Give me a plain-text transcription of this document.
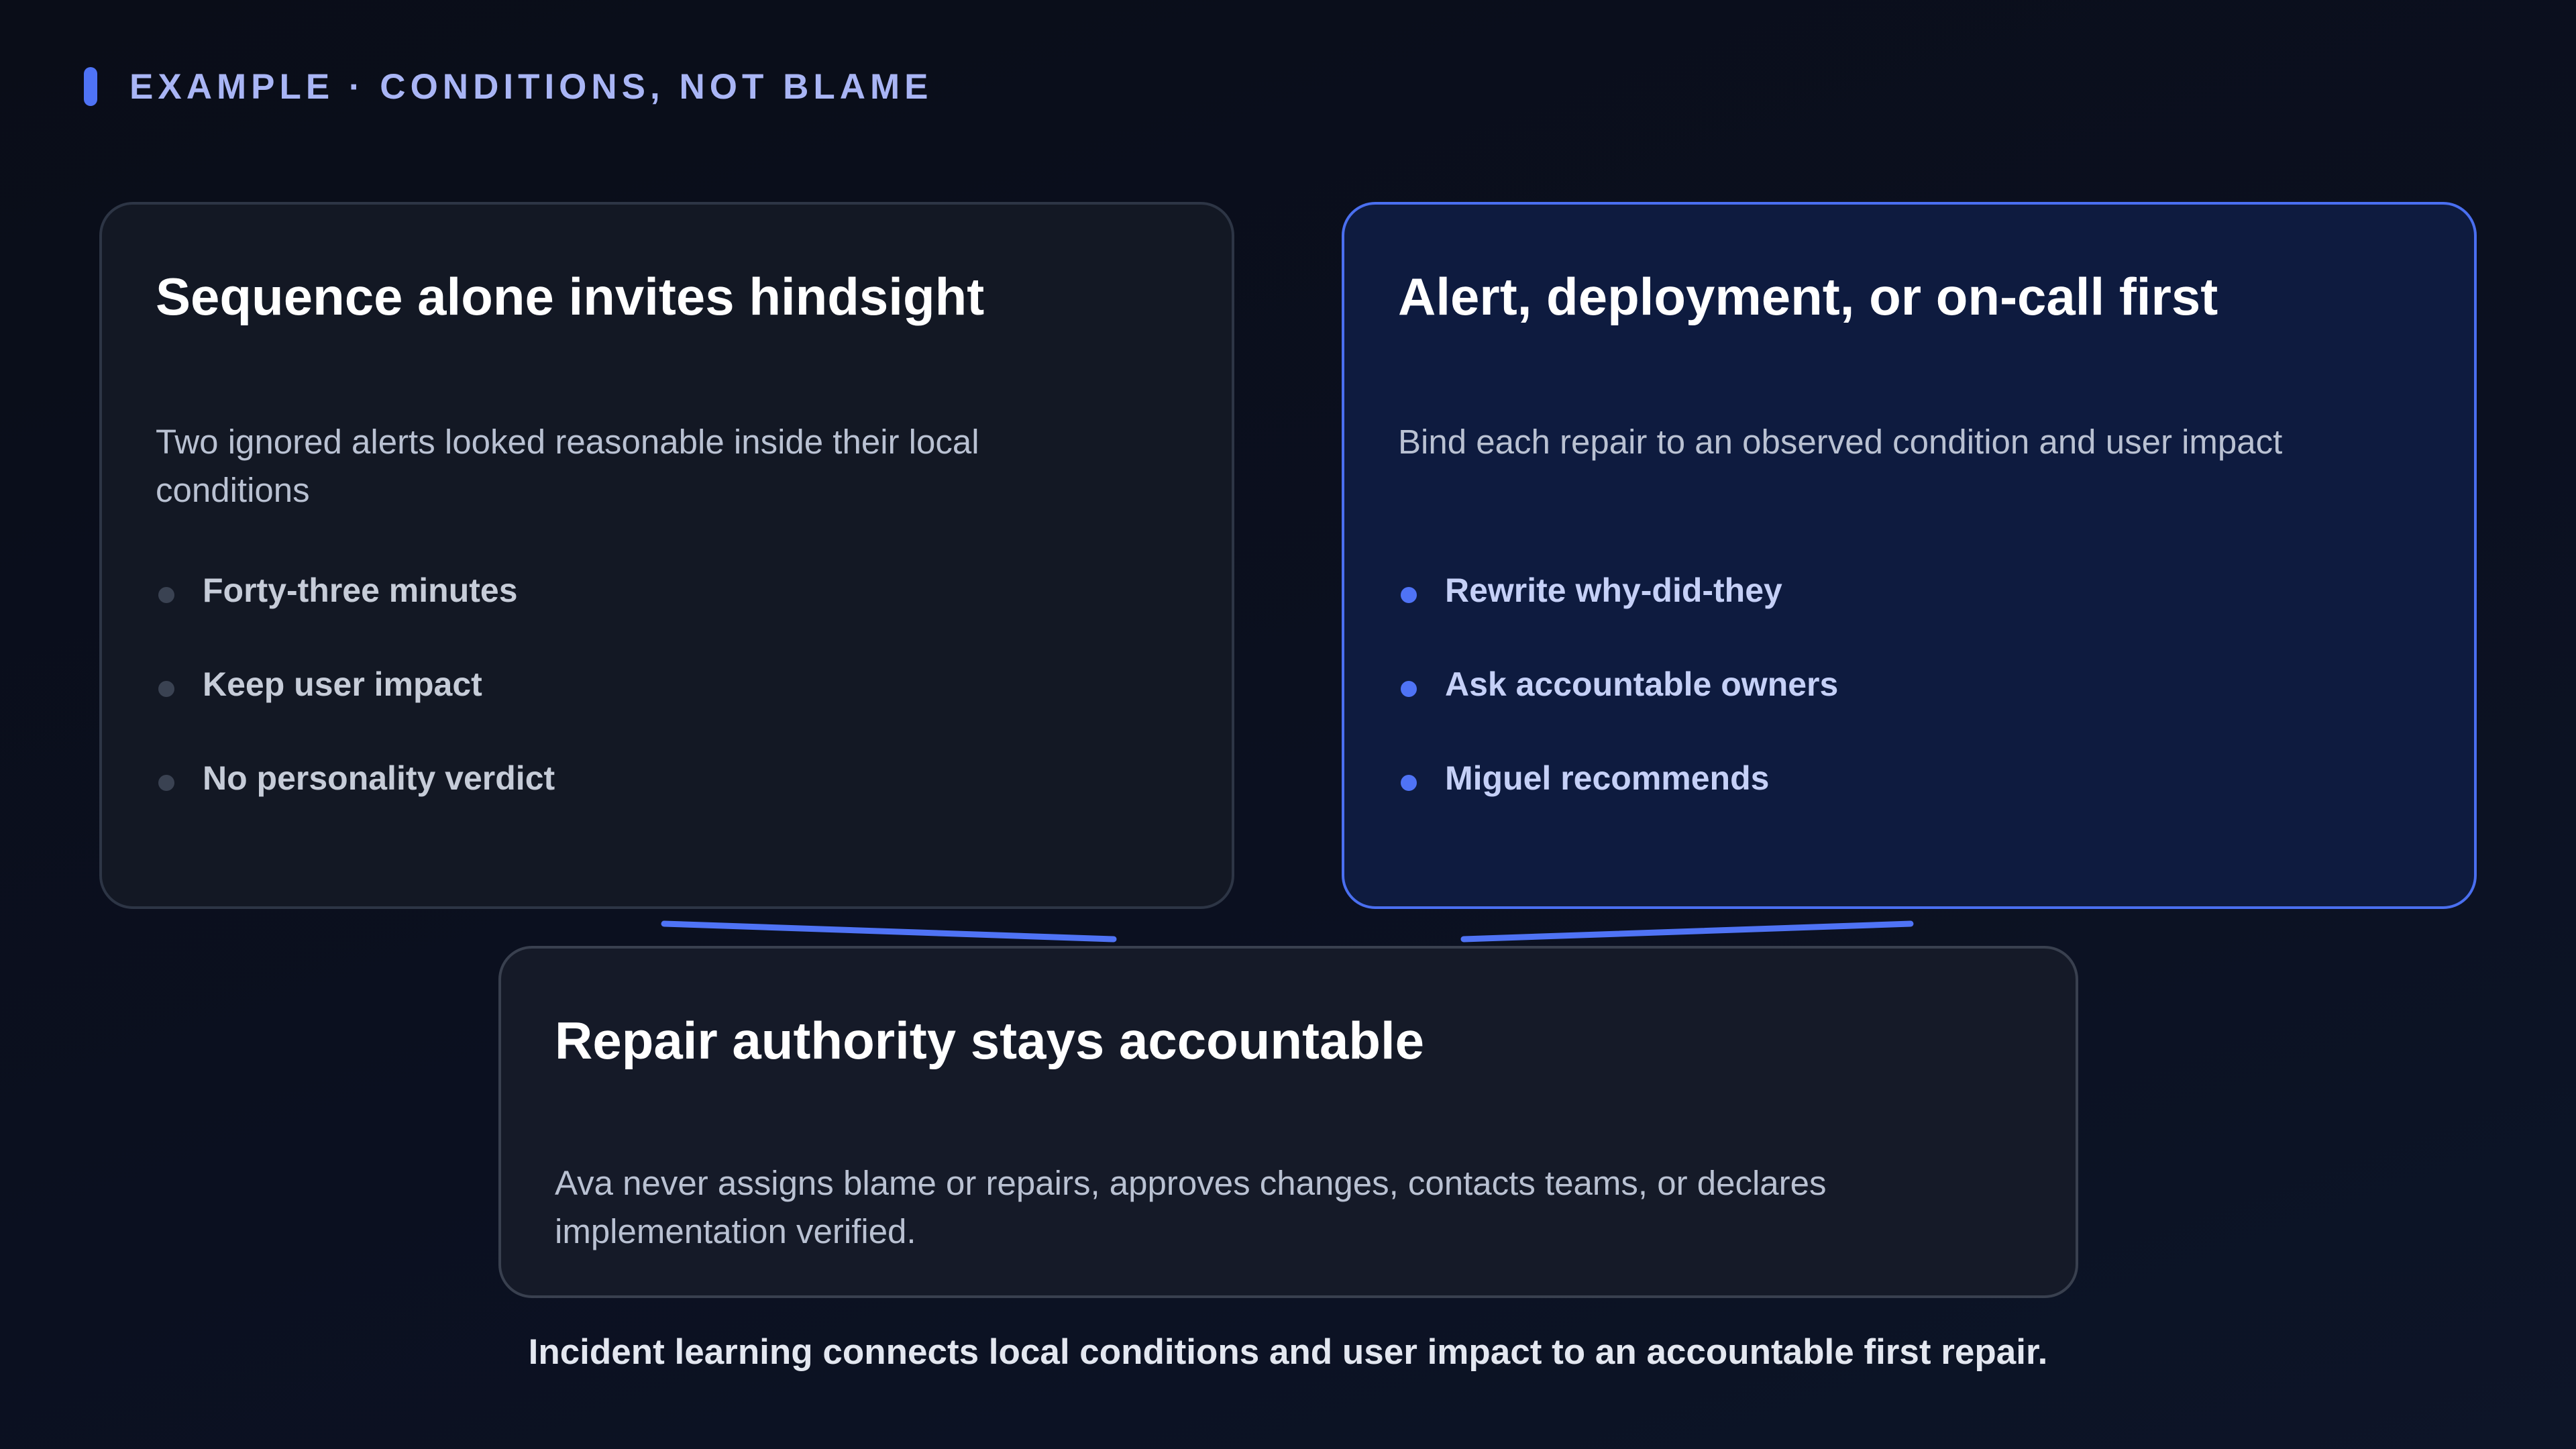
EXAMPLE · CONDITIONS, NOT BLAME
Sequence alone invites hindsight
Two ignored alerts looked reasonable inside their local conditions
Forty-three minutes
Keep user impact
No personality verdict
Alert, deployment, or on-call first
Bind each repair to an observed condition and user impact
Rewrite why-did-they
Ask accountable owners
Miguel recommends
Repair authority stays accountable
Ava never assigns blame or repairs, approves changes, contacts teams, or declares implementation verified.
Incident learning connects local conditions and user impact to an accountable first repair.
